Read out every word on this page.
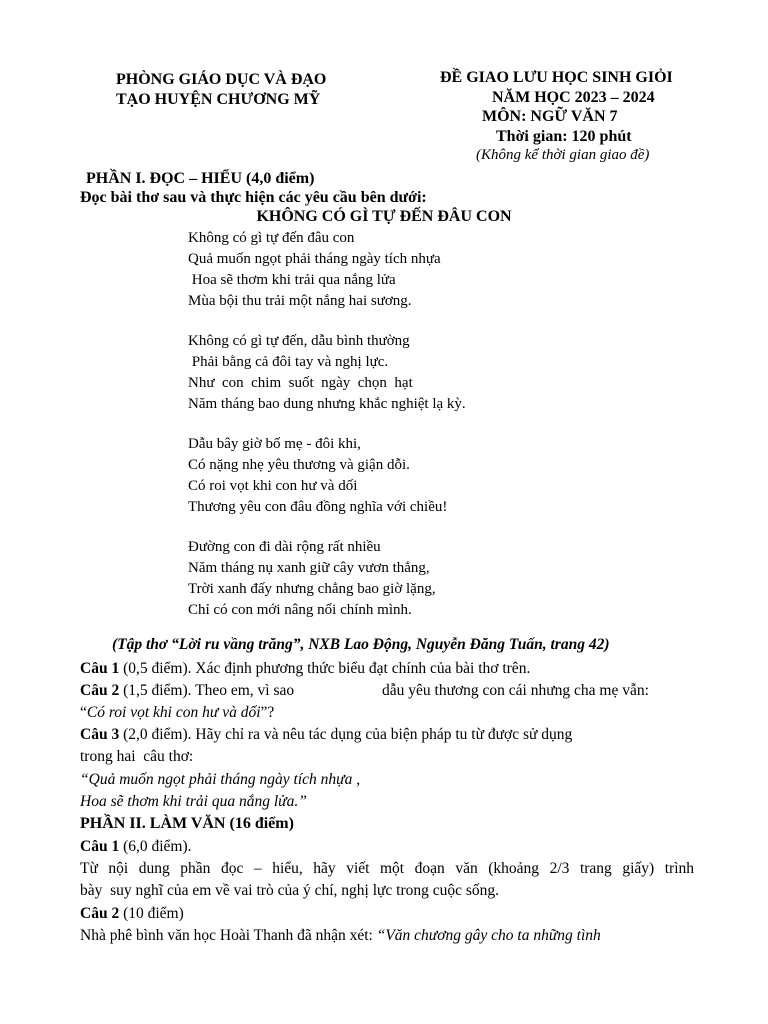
PHÒNG GIÁO DỤC VÀ ĐẠO
TẠO HUYỆN CHƯƠNG MỸ
ĐỀ GIAO LƯU HỌC SINH GIỎI
NĂM HỌC 2023 – 2024
MÔN: NGỮ VĂN 7
Thời gian: 120 phút
(Không kể thời gian giao đề)
PHẦN I. ĐỌC – HIỂU (4,0 điểm)
Đọc bài thơ sau và thực hiện các yêu cầu bên dưới:
KHÔNG CÓ GÌ TỰ ĐẾN ĐÂU CON
Không có gì tự đến đâu con
Quả muốn ngọt phải tháng ngày tích nhựa
Hoa sẽ thơm khi trải qua nắng lửa
Mùa bội thu trải một nắng hai sương.
Không có gì tự đến, dẫu bình thường
Phải bằng cả đôi tay và nghị lực.
Như  con  chim  suốt  ngày  chọn  hạt
Năm tháng bao dung nhưng khắc nghiệt lạ kỳ.
Dẫu bây giờ bố mẹ - đôi khi,
Có nặng nhẹ yêu thương và giận dỗi.
Có roi vọt khi con hư và dối
Thương yêu con đâu đồng nghĩa với chiều!
Đường con đi dài rộng rất nhiều
Năm tháng nụ xanh giữ cây vươn thẳng,
Trời xanh đấy nhưng chẳng bao giờ lặng,
Chỉ có con mới nâng nối chính mình.
(Tập thơ “Lời ru vầng trăng”, NXB Lao Động, Nguyễn Đăng Tuấn, trang 42)
Câu 1 (0,5 điểm). Xác định phương thức biểu đạt chính của bài thơ trên.
Câu 2 (1,5 điểm). Theo em, vì sao	dẫu yêu thương con cái nhưng cha mẹ vẫn:
“Có roi vọt khi con hư và dối”?
Câu 3 (2,0 điểm). Hãy chỉ ra và nêu tác dụng của biện pháp tu từ được sử dụng
trong hai  câu thơ:
“Quả muốn ngọt phải tháng ngày tích nhựa ,
Hoa sẽ thơm khi trải qua nắng lửa.”
PHẦN II. LÀM VĂN (16 điểm)
Câu 1 (6,0 điểm).
Từ nội dung phần đọc – hiểu, hãy viết một đoạn văn (khoảng 2/3 trang giấy) trình
bày  suy nghĩ của em về vai trò của ý chí, nghị lực trong cuộc sống.
Câu 2 (10 điểm)
Nhà phê bình văn học Hoài Thanh đã nhận xét: “Văn chương gây cho ta những tình
